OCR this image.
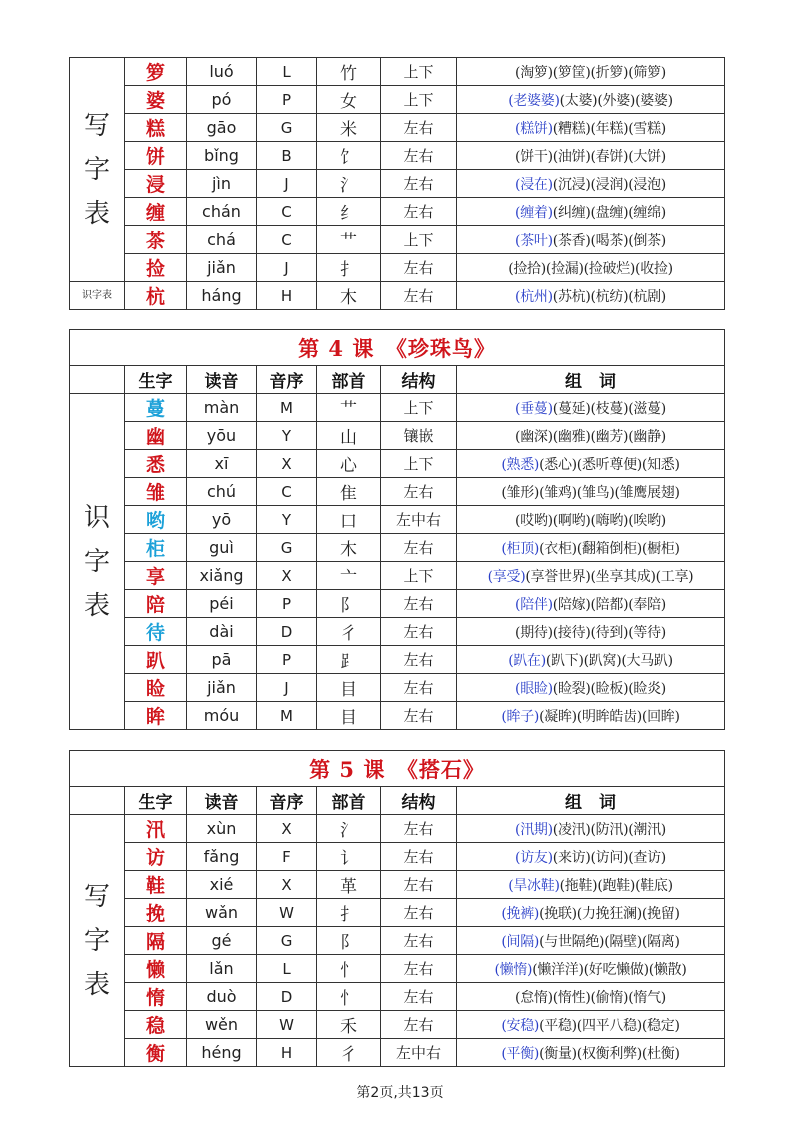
写
字
表	箩	luó	L	竹	上下	(淘箩)(箩筐)(折箩)(筛箩)
	婆	pó	P	女	上下	(老婆婆)(太婆)(外婆)(婆婆)
	糕	gāo	G	米	左右	(糕饼)(糟糕)(年糕)(雪糕)
	饼	bǐng	B	饣	左右	(饼干)(油饼)(春饼)(大饼)
	浸	jìn	J	氵	左右	(浸在)(沉浸)(浸润)(浸泡)
	缠	chán	C	纟	左右	(缠着)(纠缠)(盘缠)(缠绵)
	茶	chá	C	艹	上下	(茶叶)(茶香)(喝茶)(倒茶)
	捡	jiǎn	J	扌	左右	(捡拾)(捡漏)(捡破烂)(收捡)
识字表	杭	háng	H	木	左右	(杭州)(苏杭)(杭纺)(杭剧)
第 4 课　《珍珠鸟》						
	生字	读音	音序	部首	结构	组　词
识
字
表	蔓	màn	M	艹	上下	(垂蔓)(蔓延)(枝蔓)(滋蔓)
	幽	yōu	Y	山	镶嵌	(幽深)(幽雅)(幽芳)(幽静)
	悉	xī	X	心	上下	(熟悉)(悉心)(悉听尊便)(知悉)
	雏	chú	C	隹	左右	(雏形)(雏鸡)(雏鸟)(雏鹰展翅)
	哟	yō	Y	口	左中右	(哎哟)(啊哟)(嗨哟)(唉哟)
	柜	guì	G	木	左右	(柜顶)(衣柜)(翻箱倒柜)(橱柜)
	享	xiǎng	X	亠	上下	(享受)(享誉世界)(坐享其成)(工享)
	陪	péi	P	阝	左右	(陪伴)(陪嫁)(陪都)(奉陪)
	待	dài	D	彳	左右	(期待)(接待)(待到)(等待)
	趴	pā	P	⻊	左右	(趴在)(趴下)(趴窝)(大马趴)
	睑	jiǎn	J	目	左右	(眼睑)(睑裂)(睑板)(睑炎)
	眸	móu	M	目	左右	(眸子)(凝眸)(明眸皓齿)(回眸)
第 5 课　《搭石》						
	生字	读音	音序	部首	结构	组　词
写
字
表	汛	xùn	X	氵	左右	(汛期)(凌汛)(防汛)(潮汛)
	访	fǎng	F	讠	左右	(访友)(来访)(访问)(查访)
	鞋	xié	X	革	左右	(旱冰鞋)(拖鞋)(跑鞋)(鞋底)
	挽	wǎn	W	扌	左右	(挽裤)(挽联)(力挽狂澜)(挽留)
	隔	gé	G	阝	左右	(间隔)(与世隔绝)(隔壁)(隔离)
	懒	lǎn	L	忄	左右	(懒惰)(懒洋洋)(好吃懒做)(懒散)
	惰	duò	D	忄	左右	(怠惰)(惰性)(偷惰)(惰气)
	稳	wěn	W	禾	左右	(安稳)(平稳)(四平八稳)(稳定)
	衡	héng	H	彳	左中右	(平衡)(衡量)(权衡利弊)(杜衡)
第2页,共13页
